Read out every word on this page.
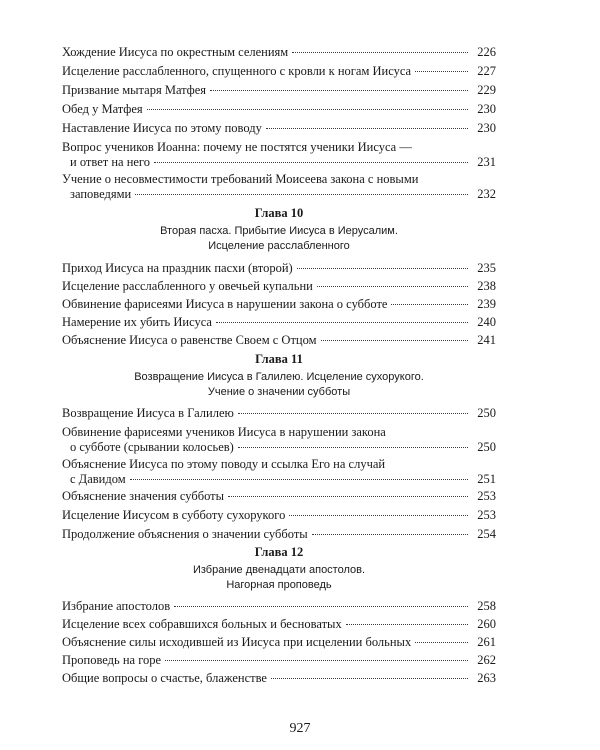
Хождение Иисуса по окрестным селениям	226
Исцеление расслабленного, спущенного с кровли к ногам Иисуса	227
Призвание мытаря Матфея	229
Обед у Матфея	230
Наставление Иисуса по этому поводу	230
Вопрос учеников Иоанна: почему не постятся ученики Иисуса —
и ответ на него	231
Учение о несовместимости требований Моисеева закона с новыми
заповедями	232
Глава 10
Вторая пасха. Прибытие Иисуса в Иерусалим.
Исцеление расслабленного
Приход Иисуса на праздник пасхи (второй)	235
Исцеление расслабленного у овечьей купальни	238
Обвинение фарисеями Иисуса в нарушении закона о субботе	239
Намерение их убить Иисуса	240
Объяснение Иисуса о равенстве Своем с Отцом	241
Глава 11
Возвращение Иисуса в Галилею. Исцеление сухорукого.
Учение о значении субботы
Возвращение Иисуса в Галилею	250
Обвинение фарисеями учеников Иисуса в нарушении закона
о субботе (срывании колосьев)	250
Объяснение Иисуса по этому поводу и ссылка Его на случай
с Давидом	251
Объяснение значения субботы	253
Исцеление Иисусом в субботу сухорукого	253
Продолжение объяснения о значении субботы	254
Глава 12
Избрание двенадцати апостолов.
Нагорная проповедь
Избрание апостолов	258
Исцеление всех собравшихся больных и бесноватых	260
Объяснение силы исходившей из Иисуса при исцелении больных	261
Проповедь на горе	262
Общие вопросы о счастье, блаженстве	263
927
